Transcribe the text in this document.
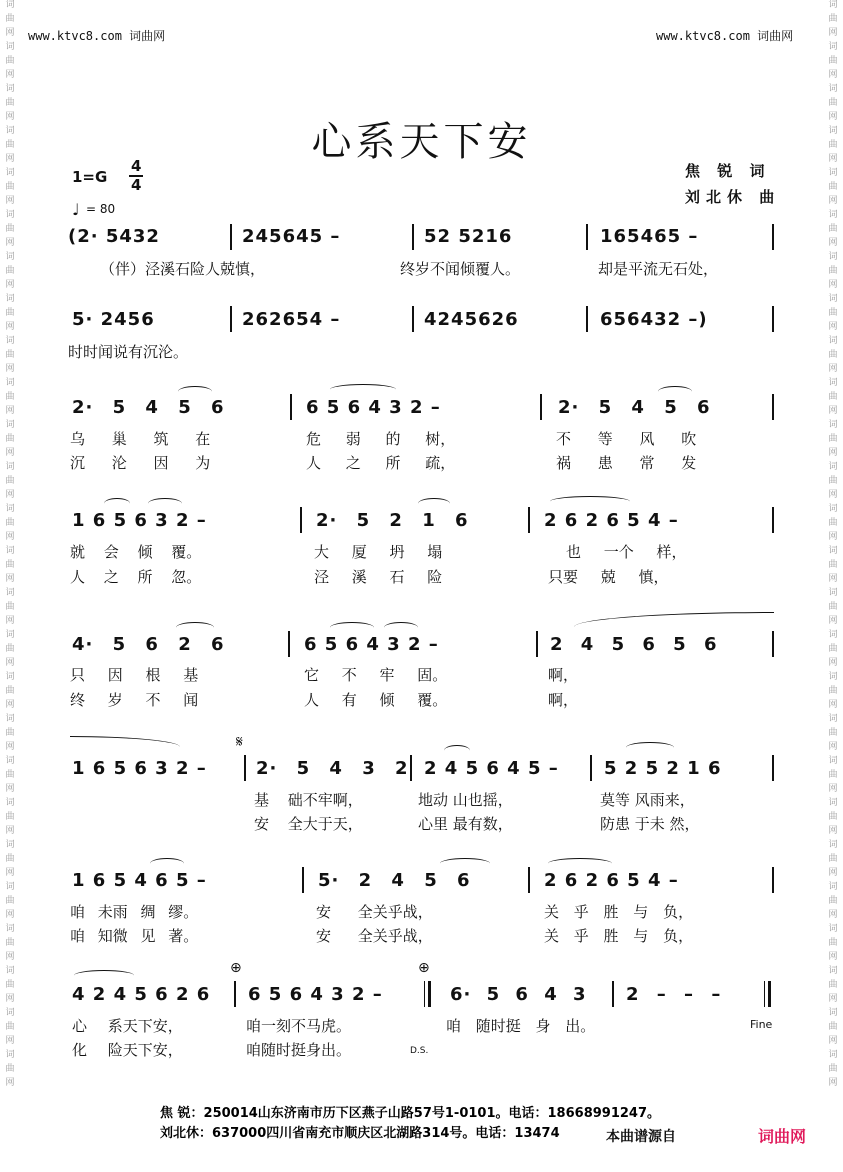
词
曲
网
词
曲
网
词
曲
网
词
曲
网
词
曲
网
词
曲
网
词
曲
网
词
曲
网
词
曲
网
词
曲
网
词
曲
网
词
曲
网
词
曲
网
词
曲
网
词
曲
网
词
曲
网
词
曲
网
词
曲
网
词
曲
网
词
曲
网
词
曲
网
词
曲
网
词
曲
网
词
曲
网
词
曲
网
词
曲
网
词
曲
网
词
曲
网
词
曲
网
词
曲
网
词
曲
网
词
曲
网
词
曲
网
词
曲
网
词
曲
网
词
曲
网
词
曲
网
词
曲
网
词
曲
网
词
曲
网
词
曲
网
词
曲
网
词
曲
网
词
曲
网
词
曲
网
词
曲
网
词
曲
网
词
曲
网
词
曲
网
词
曲
网
词
曲
网
词
曲
网
www.ktvc8.com 词曲网	www.ktvc8.com 词曲网
心系天下安
1=G
4
4
♩ = 80
焦 锐 词
刘北休 曲
(2· 5432	245645 –	52 5216	165465 –
（伴）泾溪石险人兢慎，	终岁不闻倾覆人。	却是平流无石处，
5· 2456	262654 –	4245626	656432 –)
时时闻说有沉沦。
2· 5 4 5 6	6 5 6 4 3 2 –	2· 5 4 5 6
乌 巢 筑 在	危 弱 的 树，	不 等 风 吹
沉 沦 因 为	人 之 所 疏，	祸 患 常 发
1 6 5 6 3 2 –	2· 5 2 1 6	2 6 2 6 5 4 –
就 会 倾 覆。	大 厦 坍 塌	也 一个 样，
人 之 所 忽。	泾 溪 石 险	只要 兢 慎，
4· 5 6 2 6	6 5 6 4 3 2 –	2 4 5 6 5 6
只 因 根 基	它 不 牢 固。	啊，
终 岁 不 闻	人 有 倾 覆。	啊，
𝄋
1 6 5 6 3 2 –	2· 5 4 3 2 2 4 5 6 4 5 –	5 2 5 2 1 6
基 础不牢啊，	地动 山也摇，	莫等 风雨来，
安 全大于天，	心里 最有数，	防患 于未 然，
1 6 5 4 6 5 –	5· 2 4 5 6	2 6 2 6 5 4 –
咱 未雨 绸 缪。	安 全关乎战，	关 乎 胜 与 负，
咱 知微 见 著。	安 全关乎战，	关 乎 胜 与 负，
⊕	⊕
4 2 4 5 6 2 6 6 5 6 4 3 2 –	6· 5 6 4 3 2 – – –
心 系天下安，	咱一刻不马虎。	咱 随时挺 身 出。	Fine
化 险天下安，	咱随时挺身出。	D.S.
焦 锐：250014山东济南市历下区燕子山路57号1-0101。电话：18668991247。
刘北休：637000四川省南充市顺庆区北湖路314号。电话：13474	本曲谱源自	词曲网
